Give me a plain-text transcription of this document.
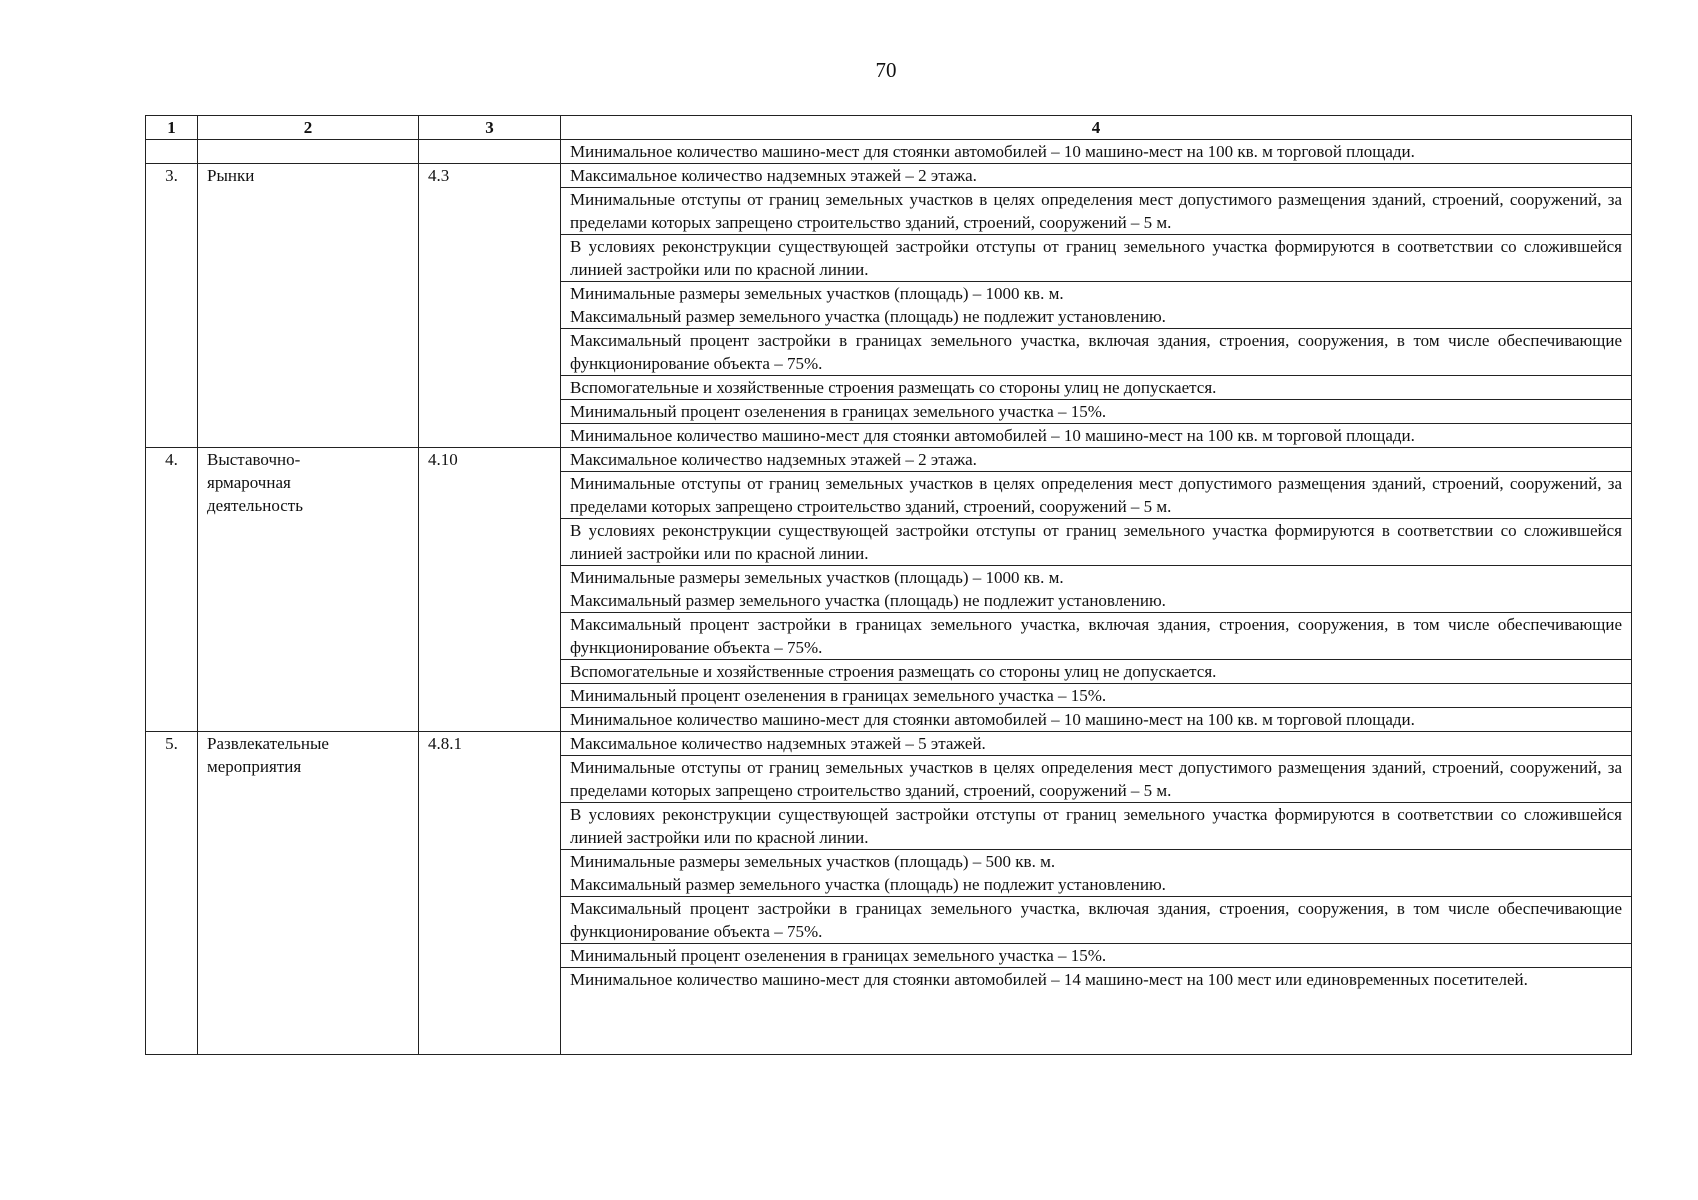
70
1	2	3	4
			Минимальное количество машино-мест для стоянки автомобилей – 10 машино-мест на 100 кв. м торговой площади.
3.	Рынки	4.3	Максимальное количество надземных этажей – 2 этажа.
			Минимальные отступы от границ земельных участков в целях определения мест допустимого размещения зданий, строений, сооружений, за пределами которых запрещено строительство зданий, строений, сооружений – 5 м.
			В условиях реконструкции существующей застройки отступы от границ земельного участка формируются в соответствии со сложившейся линией застройки или по красной линии.
			Минимальные размеры земельных участков (площадь) – 1000 кв. м.
Максимальный размер земельного участка (площадь) не подлежит установлению.
			Максимальный процент застройки в границах земельного участка, включая здания, строения, сооружения, в том числе обеспечивающие функционирование объекта – 75%.
			Вспомогательные и хозяйственные строения размещать со стороны улиц не допускается.
			Минимальный процент озеленения в границах земельного участка – 15%.
			Минимальное количество машино-мест для стоянки автомобилей – 10 машино-мест на 100 кв. м торговой площади.
4.	Выставочно-
ярмарочная
деятельность	4.10	Максимальное количество надземных этажей – 2 этажа.
			Минимальные отступы от границ земельных участков в целях определения мест допустимого размещения зданий, строений, сооружений, за пределами которых запрещено строительство зданий, строений, сооружений – 5 м.
			В условиях реконструкции существующей застройки отступы от границ земельного участка формируются в соответствии со сложившейся линией застройки или по красной линии.
			Минимальные размеры земельных участков (площадь) – 1000 кв. м.
Максимальный размер земельного участка (площадь) не подлежит установлению.
			Максимальный процент застройки в границах земельного участка, включая здания, строения, сооружения, в том числе обеспечивающие функционирование объекта – 75%.
			Вспомогательные и хозяйственные строения размещать со стороны улиц не допускается.
			Минимальный процент озеленения в границах земельного участка – 15%.
			Минимальное количество машино-мест для стоянки автомобилей – 10 машино-мест на 100 кв. м торговой площади.
5.	Развлекательные
мероприятия	4.8.1	Максимальное количество надземных этажей – 5 этажей.
			Минимальные отступы от границ земельных участков в целях определения мест допустимого размещения зданий, строений, сооружений, за пределами которых запрещено строительство зданий, строений, сооружений – 5 м.
			В условиях реконструкции существующей застройки отступы от границ земельного участка формируются в соответствии со сложившейся линией застройки или по красной линии.
			Минимальные размеры земельных участков (площадь) – 500 кв. м.
Максимальный размер земельного участка (площадь) не подлежит установлению.
			Максимальный процент застройки в границах земельного участка, включая здания, строения, сооружения, в том числе обеспечивающие функционирование объекта – 75%.
			Минимальный процент озеленения в границах земельного участка – 15%.
			Минимальное количество машино-мест для стоянки автомобилей – 14 машино-мест на 100 мест или единовременных посетителей.
